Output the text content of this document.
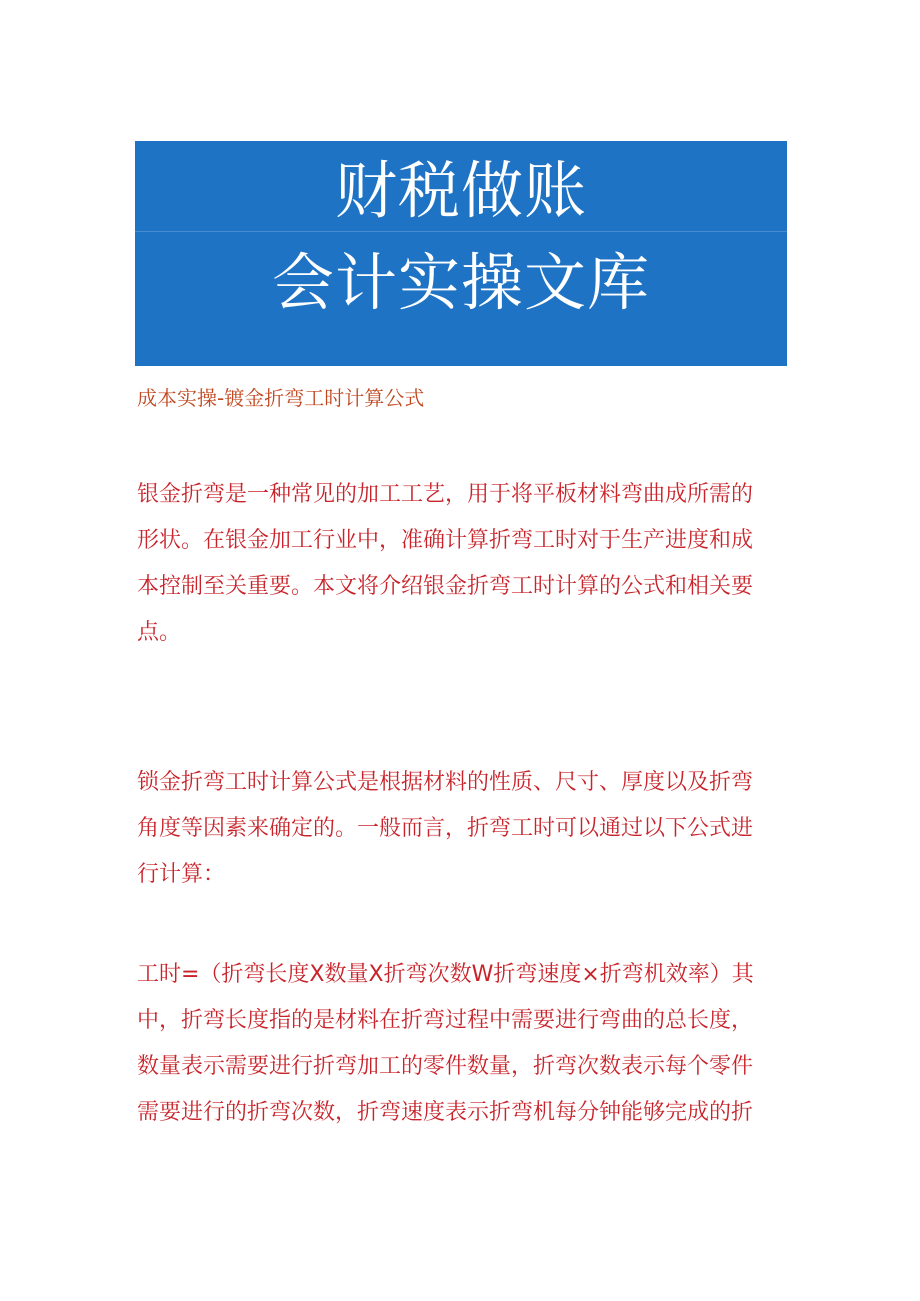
财税做账
会计实操文库
成本实操-镀金折弯工时计算公式
银金折弯是一种常见的加工工艺，用于将平板材料弯曲成所需的
形状。在银金加工行业中，准确计算折弯工时对于生产进度和成
本控制至关重要。本文将介绍银金折弯工时计算的公式和相关要
点。
锁金折弯工时计算公式是根据材料的性质、尺寸、厚度以及折弯
角度等因素来确定的。一般而言，折弯工时可以通过以下公式进
行计算：
工时=（折弯长度X数量X折弯次数W折弯速度×折弯机效率）其
中，折弯长度指的是材料在折弯过程中需要进行弯曲的总长度，
数量表示需要进行折弯加工的零件数量，折弯次数表示每个零件
需要进行的折弯次数，折弯速度表示折弯机每分钟能够完成的折
